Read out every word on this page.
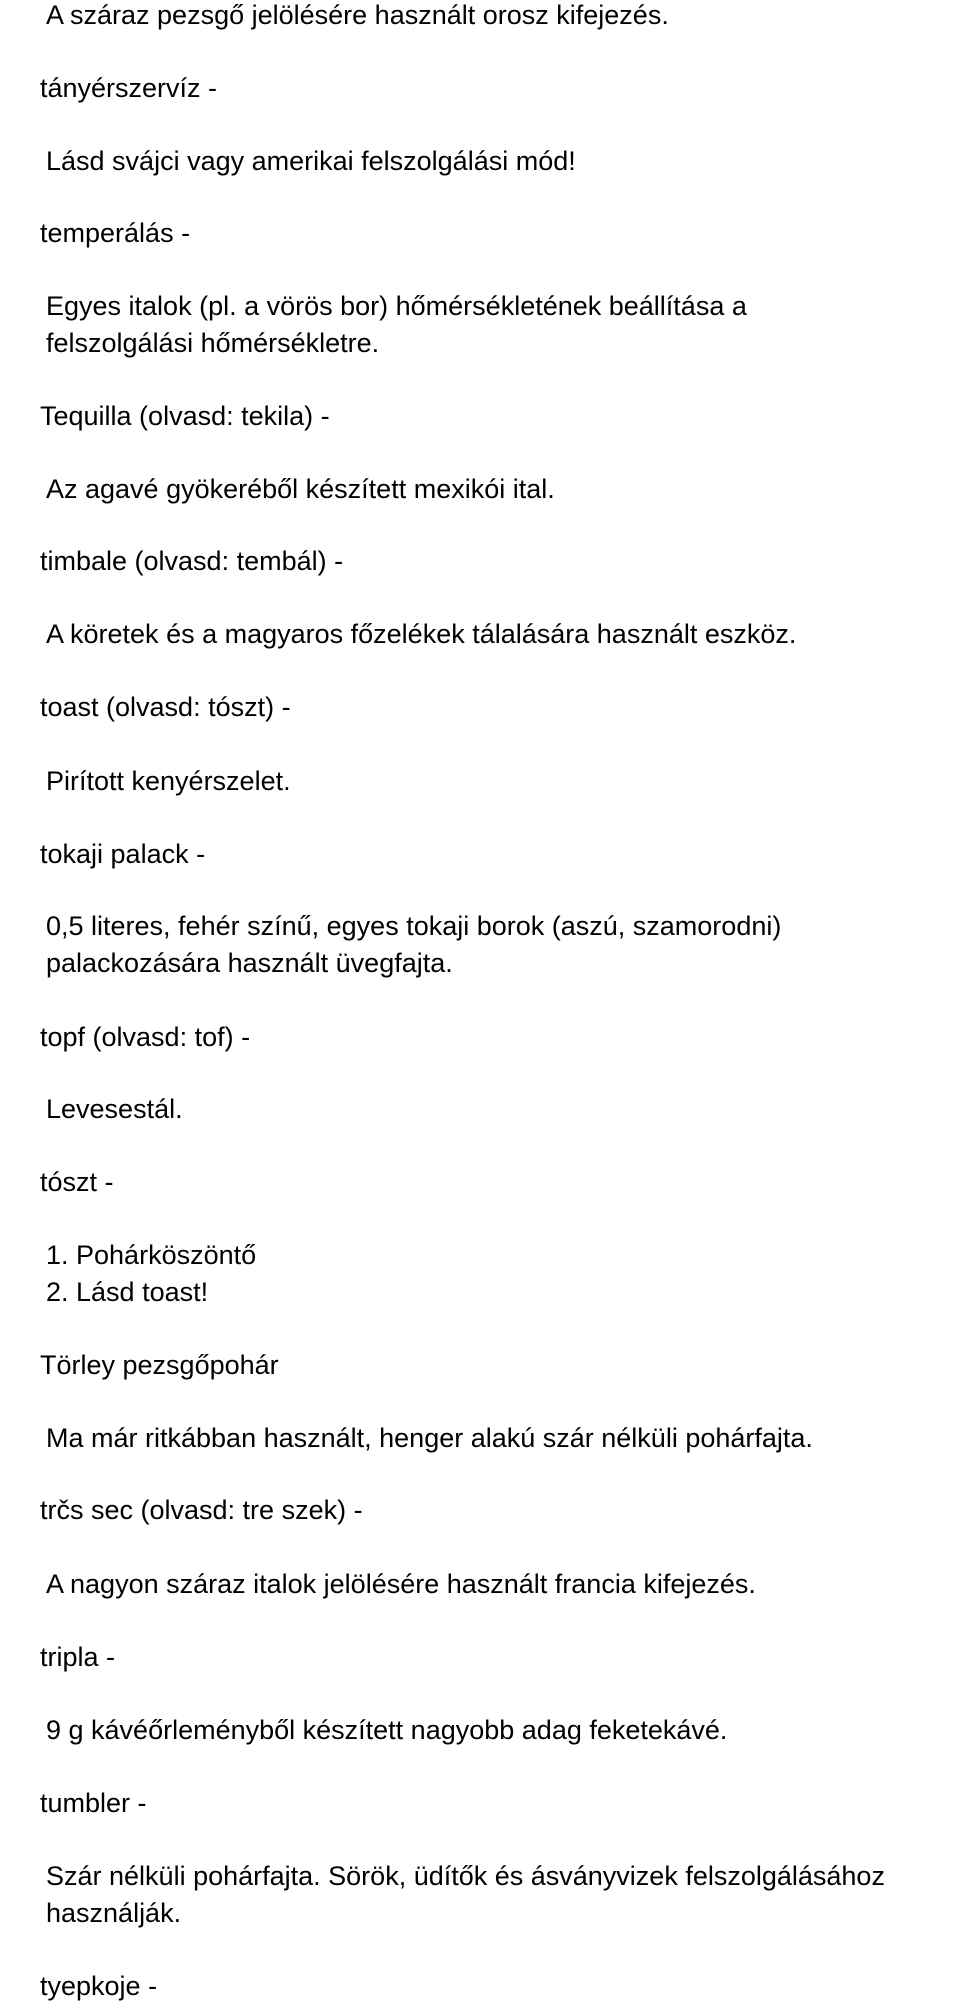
A száraz pezsgő jelölésére használt orosz kifejezés.
tányérszervíz -
Lásd svájci vagy amerikai felszolgálási mód!
temperálás -
Egyes italok (pl. a vörös bor) hőmérsékletének beállítása a
felszolgálási hőmérsékletre.
Tequilla (olvasd: tekila) -
Az agavé gyökeréből készített mexikói ital.
timbale (olvasd: tembál) -
A köretek és a magyaros főzelékek tálalására használt eszköz.
toast (olvasd: tószt) -
Pirított kenyérszelet.
tokaji palack -
0,5 literes, fehér színű, egyes tokaji borok (aszú, szamorodni)
palackozására használt üvegfajta.
topf (olvasd: tof) -
Levesestál.
tószt -
1. Pohárköszöntő
2. Lásd toast!
Törley pezsgőpohár
Ma már ritkábban használt, henger alakú szár nélküli pohárfajta.
trčs sec (olvasd: tre szek) -
A nagyon száraz italok jelölésére használt francia kifejezés.
tripla -
9 g kávéőrleményből készített nagyobb adag feketekávé.
tumbler -
Szár nélküli pohárfajta. Sörök, üdítők és ásványvizek felszolgálásához
használják.
tyepkoje -
